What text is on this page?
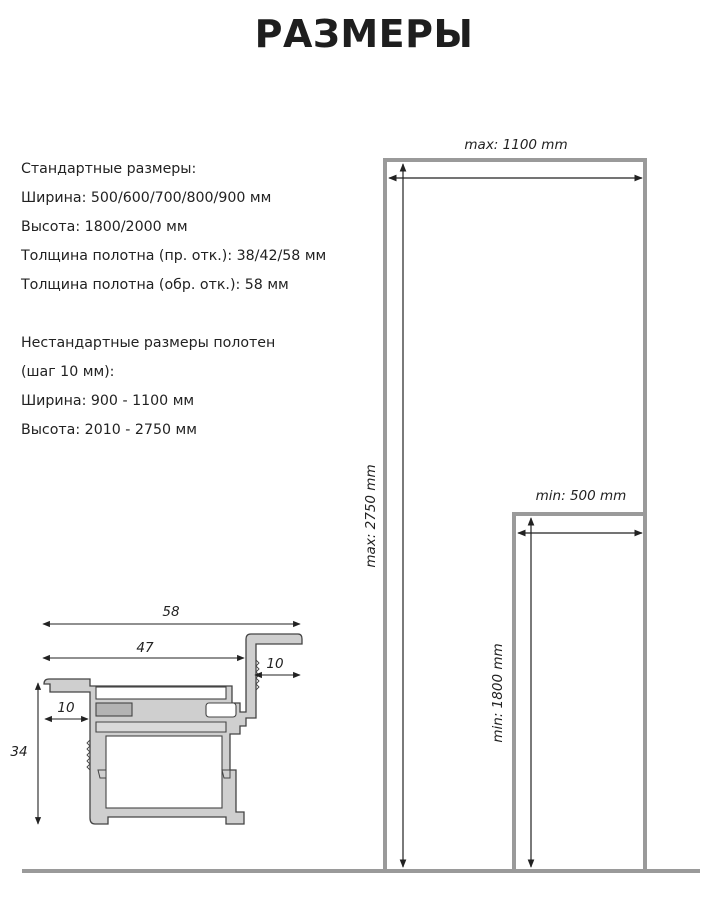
РАЗМЕРЫ
Стандартные размеры:
Ширина: 500/600/700/800/900 мм
Высота: 1800/2000 мм
Толщина полотна (пр. отк.): 38/42/58 мм
Толщина полотна (обр. отк.): 58 мм
Нестандартные размеры полотен
(шаг 10 мм):
Ширина: 900 - 1100 мм
Высота: 2010 - 2750 мм
max: 1100 mm
max: 2750 mm	min: 500 mm
min: 1800 mm
58
47
10
10
34
